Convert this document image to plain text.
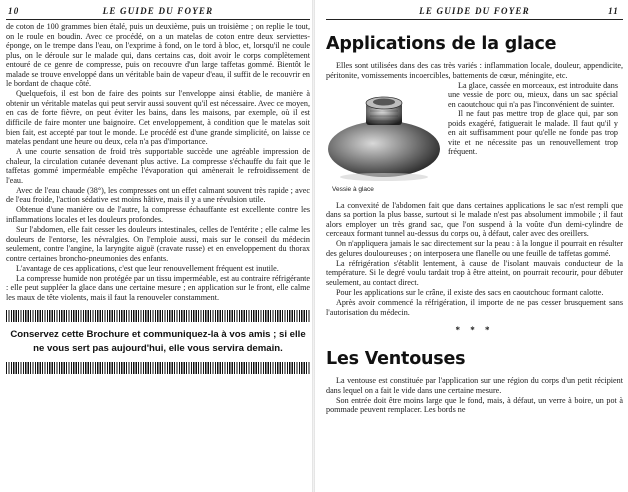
10	LE GUIDE DU FOYER

de coton de 100 grammes bien étalé, puis un deuxième, puis un troisième ; on replie le tout, on le roule en boudin. Avec ce procédé, on a un matelas de coton entre deux serviettes-éponge, on le trempe dans l'eau, on l'exprime à fond, on le tord à bloc, et, lorsqu'il ne coule plus, on le déroule sur le malade qui, dans certains cas, doit avoir le corps complètement entouré de ce genre de compresse, puis on recouvre d'un large taffetas gommé. Bientôt le malade se trouve enveloppé dans un véritable bain de vapeur d'eau, il suffit de le recouvrir en le bordant de chaque côté.

Quelquefois, il est bon de faire des points sur l'enveloppe ainsi établie, de manière à obtenir un véritable matelas qui peut servir aussi souvent qu'il est nécessaire. Avec ce moyen, en cas de forte fièvre, on peut éviter les bains, dans les maisons, par exemple, où il est difficile de faire monter une baignoire. Cet enveloppement, à condition que le matelas soit bien fait, est accepté par tout le monde. Le procédé est d'une grande simplicité, on laisse ce matelas pendant une heure ou deux, cela n'a pas d'importance.

A une courte sensation de froid très supportable succède une agréable impression de chaleur, la circulation cutanée devenant plus active. La compresse s'échauffe du fait que le taffetas gommé imperméable empêche l'évaporation qui amènerait le refroidissement de l'eau.

Avec de l'eau chaude (38°), les compresses ont un effet calmant souvent très rapide ; avec de l'eau froide, l'action sédative est moins hâtive, mais il y a une révulsion utile.

Obtenue d'une manière ou de l'autre, la compresse échauffante est excellente contre les inflammations locales et les douleurs profondes.

Sur l'abdomen, elle fait cesser les douleurs intestinales, celles de l'entérite ; elle calme les douleurs de l'entorse, les névralgies. On l'emploie aussi, mais sur le conseil du médecin seulement, contre l'angine, la laryngite aiguë (cravate russe) et en enveloppement du thorax contre certaines broncho-pneumonies des enfants.

L'avantage de ces applications, c'est que leur renouvellement fréquent est inutile.

La compresse humide non protégée par un tissu imperméable, est au contraire réfrigérante : elle peut suppléer la glace dans une certaine mesure ; en application sur le front, elle calme les maux de tête violents, mais il faut la renouveler constamment.

Conservez cette Brochure et communiquez-la à vos amis ; si elle ne vous sert pas aujourd'hui, elle vous servira demain.
LE GUIDE DU FOYER	11
Applications de la glace

Elles sont utilisées dans des cas très variés : inflammation locale, douleur, appendicite, péritonite, vomissements incoercibles, battements de cœur, méningite, etc.

Vessie à glace

La glace, cassée en morceaux, est introduite dans une vessie de porc ou, mieux, dans un sac spécial en caoutchouc qui n'a pas l'inconvénient de suinter.

Il ne faut pas mettre trop de glace qui, par son poids exagéré, fatiguerait le malade. Il faut qu'il y en ait suffisamment pour qu'elle ne fonde pas trop vite et ne nécessite pas un renouvellement trop fréquent.

La convexité de l'abdomen fait que dans certaines applications le sac n'est rempli que dans sa portion la plus basse, surtout si le malade n'est pas absolument immobile ; il faut alors employer un très grand sac, que l'on suspend à la voûte d'un demi-cylindre de cerceaux formant tunnel au-dessus du corps ou, à défaut, caler avec des oreillers.

On n'appliquera jamais le sac directement sur la peau : à la longue il pourrait en résulter des gelures douloureuses ; on interposera une flanelle ou une feuille de taffetas gommé.

La réfrigération s'établit lentement, à cause de l'isolant mauvais conducteur de la température. Si le degré voulu tardait trop à être atteint, on pourrait recourir, pour débuter seulement, au contact direct.

Pour les applications sur le crâne, il existe des sacs en caoutchouc formant calotte.

Après avoir commencé la réfrigération, il importe de ne pas cesser brusquement sans l'autorisation du médecin.

* * *
Les Ventouses

La ventouse est constituée par l'application sur une région du corps d'un petit récipient dans lequel on a fait le vide dans une certaine mesure.

Son entrée doit être moins large que le fond, mais, à défaut, un verre à boire, un pot à pommade peuvent remplacer. Les bords ne
